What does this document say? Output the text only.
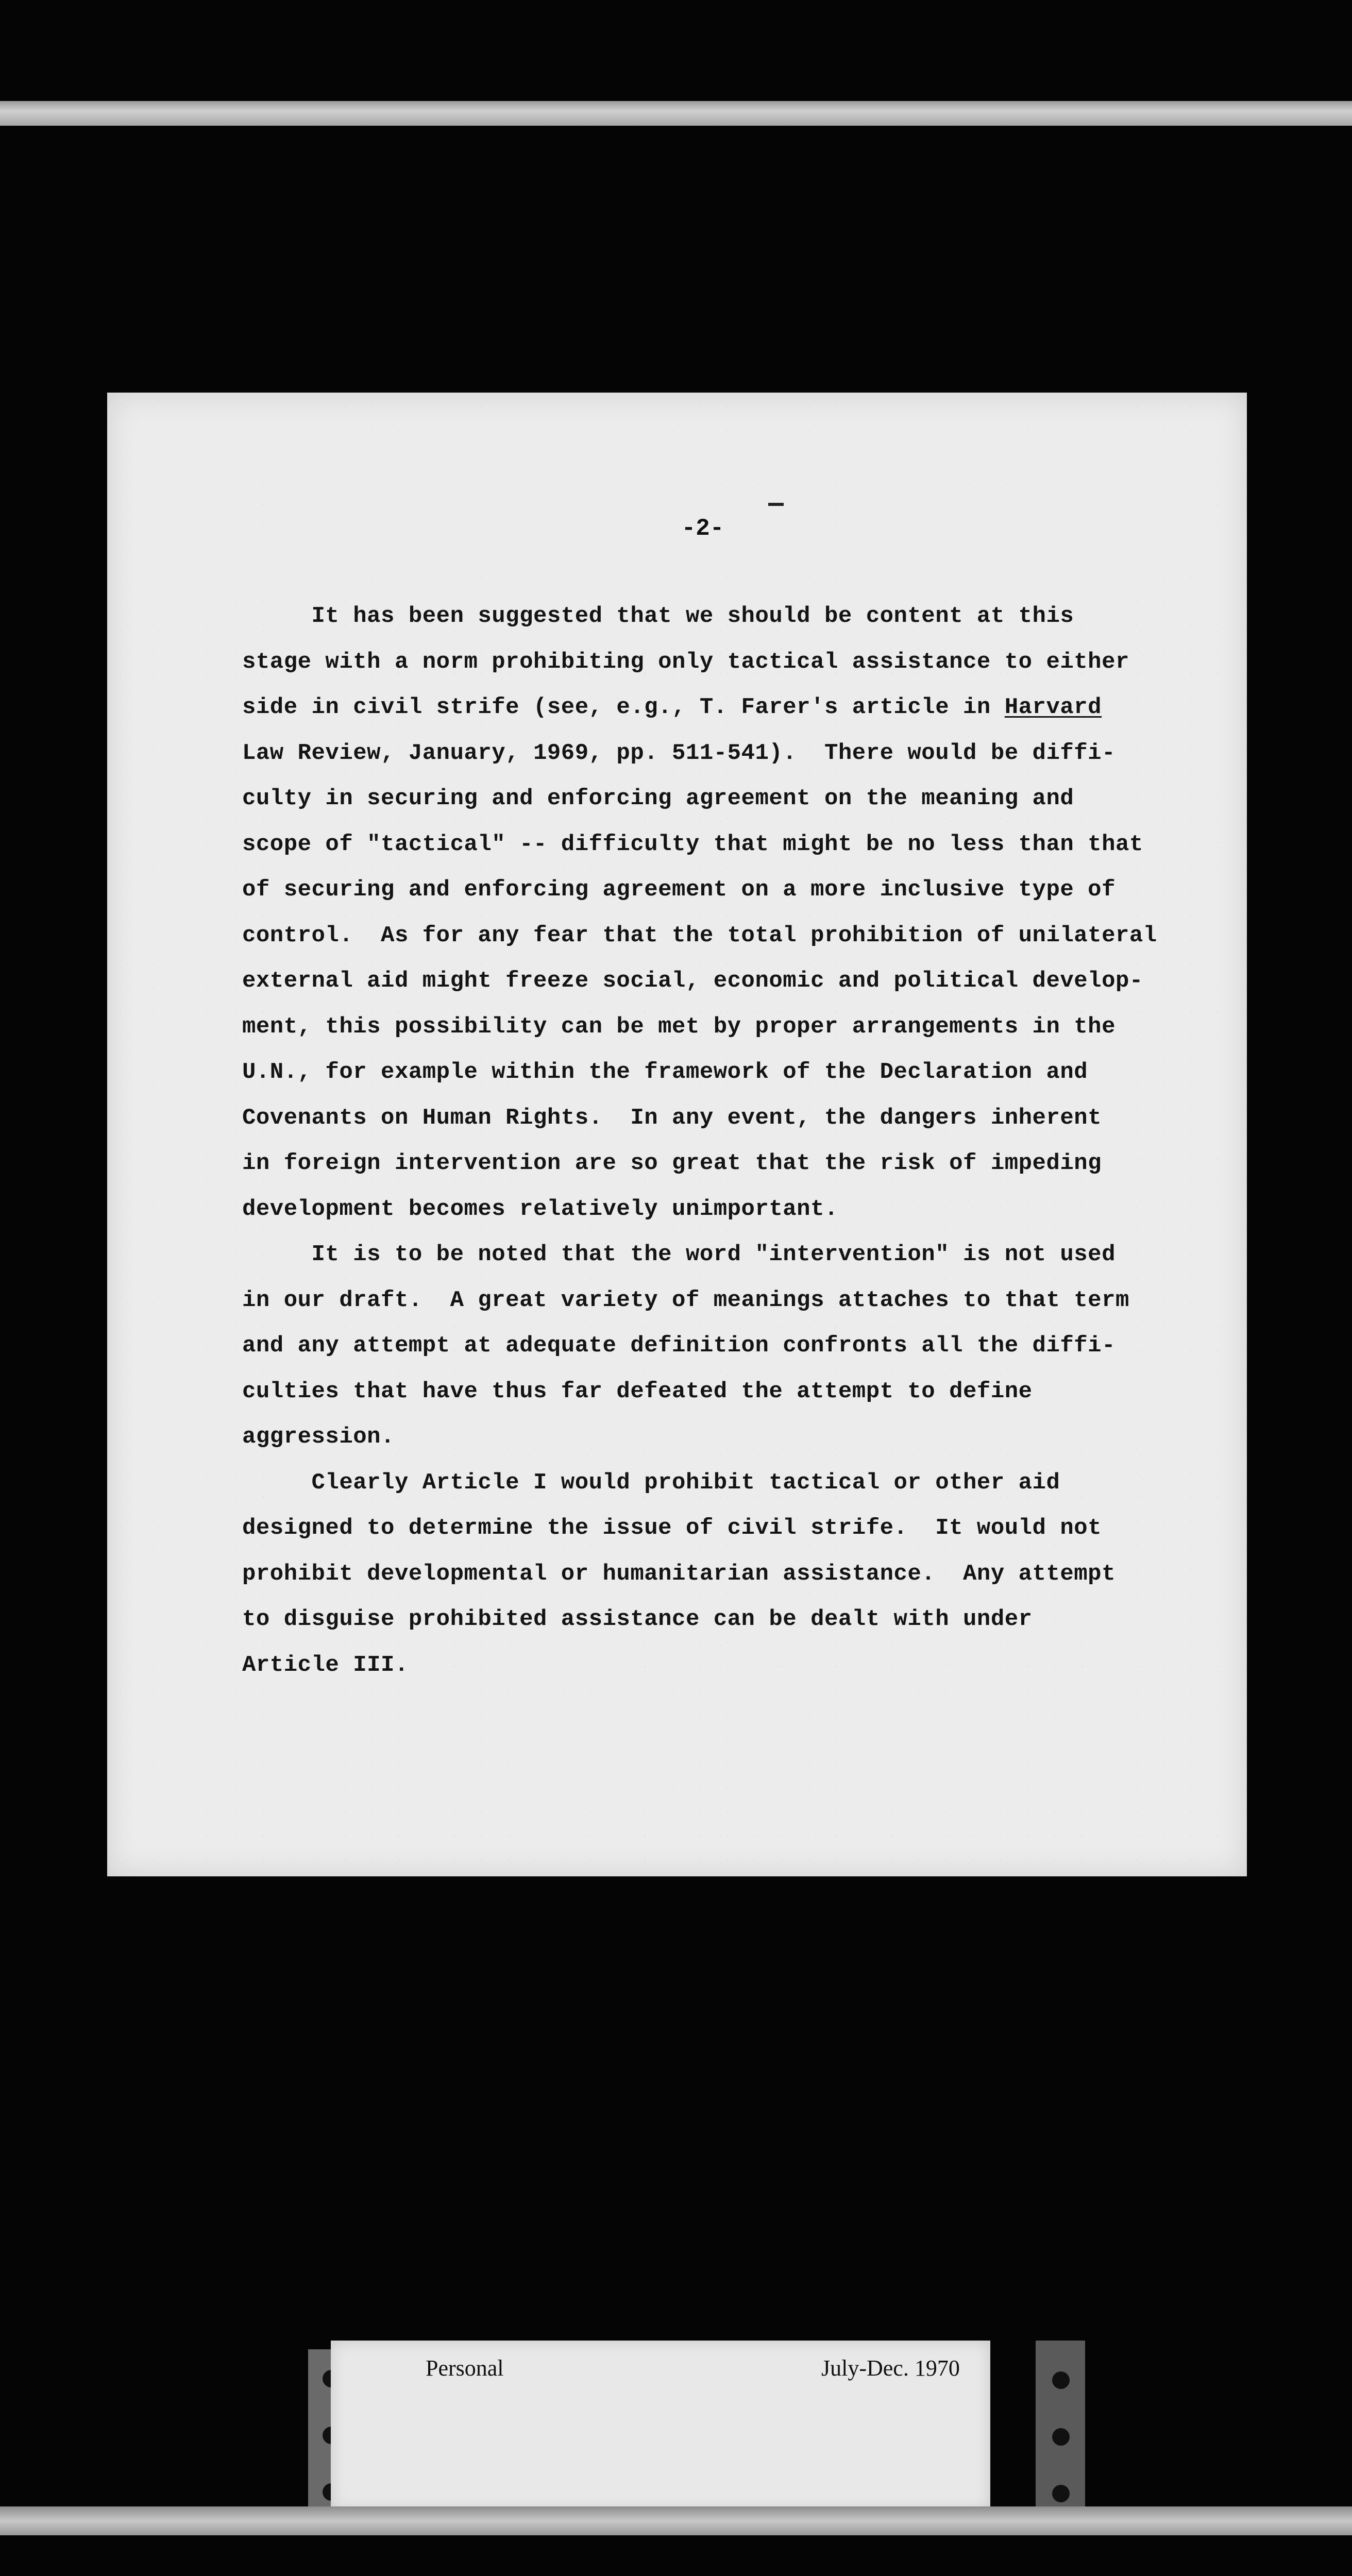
-2-

It has been suggested that we should be content at this
stage with a norm prohibiting only tactical assistance to either
side in civil strife (see, e.g., T. Farer's article in Harvard
Law Review, January, 1969, pp. 511-541).  There would be diffi-
culty in securing and enforcing agreement on the meaning and
scope of "tactical" -- difficulty that might be no less than that
of securing and enforcing agreement on a more inclusive type of
control.  As for any fear that the total prohibition of unilateral
external aid might freeze social, economic and political develop-
ment, this possibility can be met by proper arrangements in the
U.N., for example within the framework of the Declaration and
Covenants on Human Rights.  In any event, the dangers inherent
in foreign intervention are so great that the risk of impeding
development becomes relatively unimportant.

It is to be noted that the word "intervention" is not used
in our draft.  A great variety of meanings attaches to that term
and any attempt at adequate definition confronts all the diffi-
culties that have thus far defeated the attempt to define
aggression.

Clearly Article I would prohibit tactical or other aid
designed to determine the issue of civil strife.  It would not
prohibit developmental or humanitarian assistance.  Any attempt
to disguise prohibited assistance can be dealt with under
Article III.

Personal	July-Dec. 1970
